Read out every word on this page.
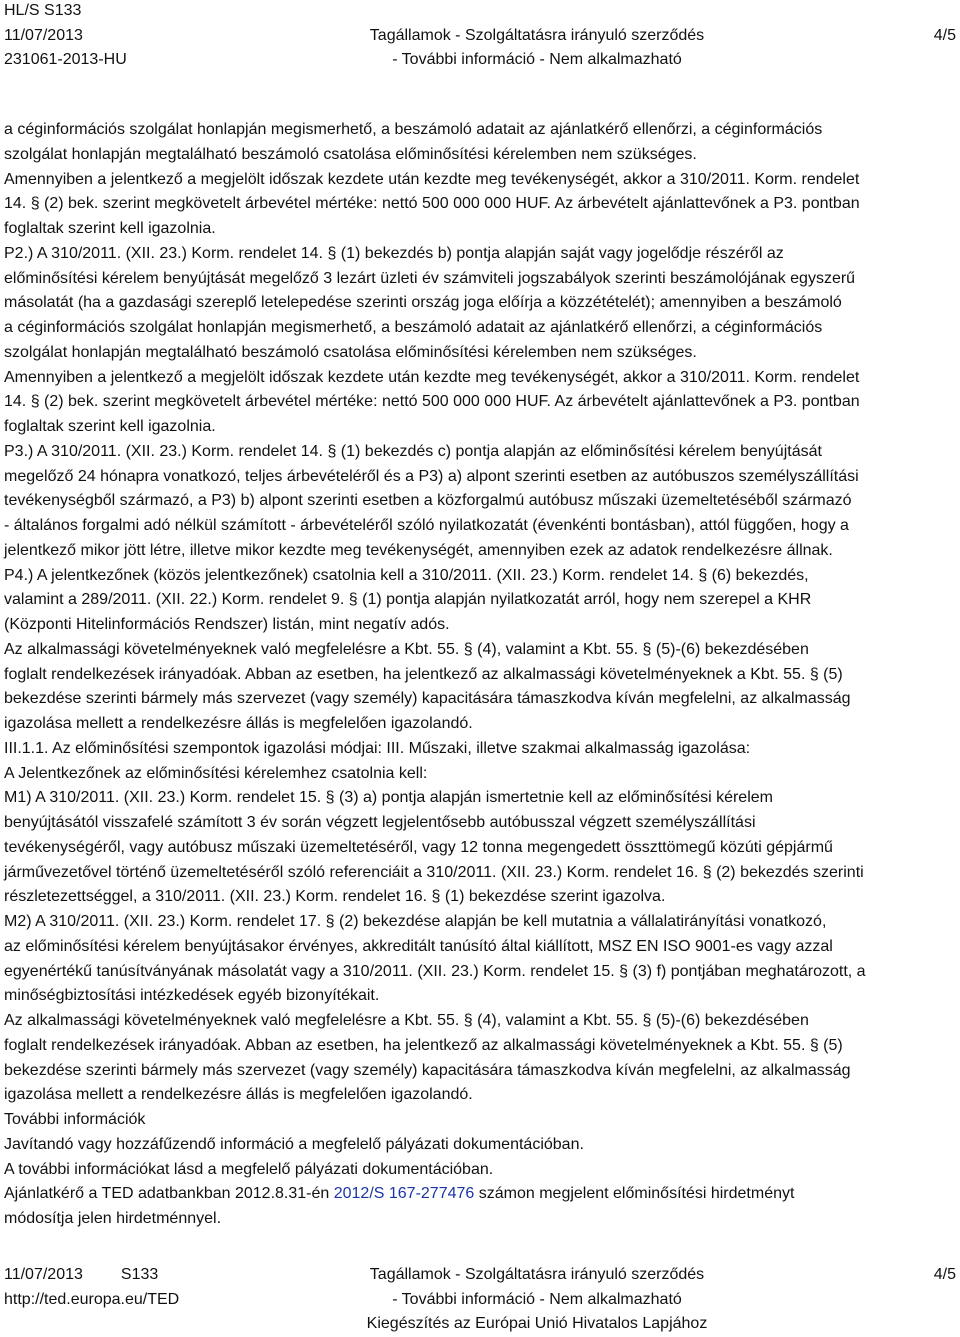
HL/S S133
11/07/2013
231061-2013-HU
Tagállamok - Szolgáltatásra irányuló szerződés
- További információ - Nem alkalmazható
4/5

a céginformációs szolgálat honlapján megismerhető, a beszámoló adatait az ajánlatkérő ellenőrzi, a céginformációs

szolgálat honlapján megtalálható beszámoló csatolása előminősítési kérelemben nem szükséges.

Amennyiben a jelentkező a megjelölt időszak kezdete után kezdte meg tevékenységét, akkor a 310/2011. Korm. rendelet

14. § (2) bek. szerint megkövetelt árbevétel mértéke: nettó 500 000 000 HUF. Az árbevételt ajánlattevőnek a P3. pontban

foglaltak szerint kell igazolnia.

P2.) A 310/2011. (XII. 23.) Korm. rendelet 14. § (1) bekezdés b) pontja alapján saját vagy jogelődje részéről az

előminősítési kérelem benyújtását megelőző 3 lezárt üzleti év számviteli jogszabályok szerinti beszámolójának egyszerű

másolatát (ha a gazdasági szereplő letelepedése szerinti ország joga előírja a közzétételét); amennyiben a beszámoló

a céginformációs szolgálat honlapján megismerhető, a beszámoló adatait az ajánlatkérő ellenőrzi, a céginformációs

szolgálat honlapján megtalálható beszámoló csatolása előminősítési kérelemben nem szükséges.

Amennyiben a jelentkező a megjelölt időszak kezdete után kezdte meg tevékenységét, akkor a 310/2011. Korm. rendelet

14. § (2) bek. szerint megkövetelt árbevétel mértéke: nettó 500 000 000 HUF. Az árbevételt ajánlattevőnek a P3. pontban

foglaltak szerint kell igazolnia.

P3.) A 310/2011. (XII. 23.) Korm. rendelet 14. § (1) bekezdés c) pontja alapján az előminősítési kérelem benyújtását

megelőző 24 hónapra vonatkozó, teljes árbevételéről és a P3) a) alpont szerinti esetben az autóbuszos személyszállítási

tevékenységből származó, a P3) b) alpont szerinti esetben a közforgalmú autóbusz műszaki üzemeltetéséből származó

- általános forgalmi adó nélkül számított - árbevételéről szóló nyilatkozatát (évenkénti bontásban), attól függően, hogy a

jelentkező mikor jött létre, illetve mikor kezdte meg tevékenységét, amennyiben ezek az adatok rendelkezésre állnak.

P4.) A jelentkezőnek (közös jelentkezőnek) csatolnia kell a 310/2011. (XII. 23.) Korm. rendelet 14. § (6) bekezdés,

valamint a 289/2011. (XII. 22.) Korm. rendelet 9. § (1) pontja alapján nyilatkozatát arról, hogy nem szerepel a KHR

(Központi Hitelinformációs Rendszer) listán, mint negatív adós.

Az alkalmassági követelményeknek való megfelelésre a Kbt. 55. § (4), valamint a Kbt. 55. § (5)-(6) bekezdésében

foglalt rendelkezések irányadóak. Abban az esetben, ha jelentkező az alkalmassági követelményeknek a Kbt. 55. § (5)

bekezdése szerinti bármely más szervezet (vagy személy) kapacitására támaszkodva kíván megfelelni, az alkalmasság

igazolása mellett a rendelkezésre állás is megfelelően igazolandó.

III.1.1. Az előminősítési szempontok igazolási módjai: III. Műszaki, illetve szakmai alkalmasság igazolása:

A Jelentkezőnek az előminősítési kérelemhez csatolnia kell:

M1) A 310/2011. (XII. 23.) Korm. rendelet 15. § (3) a) pontja alapján ismertetnie kell az előminősítési kérelem

benyújtásától visszafelé számított 3 év során végzett legjelentősebb autóbusszal végzett személyszállítási

tevékenységéről, vagy autóbusz műszaki üzemeltetéséről, vagy 12 tonna megengedett összttömegű közúti gépjármű

járművezetővel történő üzemeltetéséről szóló referenciáit a 310/2011. (XII. 23.) Korm. rendelet 16. § (2) bekezdés szerinti

részletezettséggel, a 310/2011. (XII. 23.) Korm. rendelet 16. § (1) bekezdése szerint igazolva.

M2) A 310/2011. (XII. 23.) Korm. rendelet 17. § (2) bekezdése alapján be kell mutatnia a vállalatirányítási vonatkozó,

az előminősítési kérelem benyújtásakor érvényes, akkreditált tanúsító által kiállított, MSZ EN ISO 9001-es vagy azzal

egyenértékű tanúsítványának másolatát vagy a 310/2011. (XII. 23.) Korm. rendelet 15. § (3) f) pontjában meghatározott, a

minőségbiztosítási intézkedések egyéb bizonyítékait.

Az alkalmassági követelményeknek való megfelelésre a Kbt. 55. § (4), valamint a Kbt. 55. § (5)-(6) bekezdésében

foglalt rendelkezések irányadóak. Abban az esetben, ha jelentkező az alkalmassági követelményeknek a Kbt. 55. § (5)

bekezdése szerinti bármely más szervezet (vagy személy) kapacitására támaszkodva kíván megfelelni, az alkalmasság

igazolása mellett a rendelkezésre állás is megfelelően igazolandó.

További információk

Javítandó vagy hozzáfűzendő információ a megfelelő pályázati dokumentációban.

A további információkat lásd a megfelelő pályázati dokumentációban.

Ajánlatkérő a TED adatbankban 2012.8.31-én 2012/S 167-277476 számon megjelent előminősítési hirdetményt

módosítja jelen hirdetménnyel.

11/07/2013 S133
http://ted.europa.eu/TED
Tagállamok - Szolgáltatásra irányuló szerződés
- További információ - Nem alkalmazható
Kiegészítés az Európai Unió Hivatalos Lapjához
4/5
